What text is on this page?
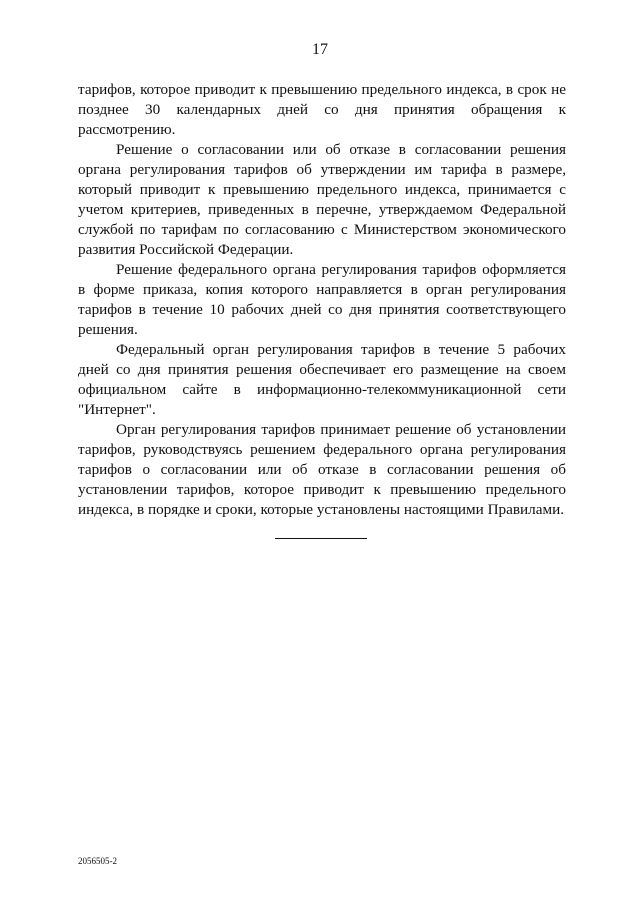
17

тарифов, которое приводит к превышению предельного индекса, в срок не позднее 30 календарных дней со дня принятия обращения к рассмотрению.

Решение о согласовании или об отказе в согласовании решения органа регулирования тарифов об утверждении им тарифа в размере, который приводит к превышению предельного индекса, принимается с учетом критериев, приведенных в перечне, утверждаемом Федеральной службой по тарифам по согласованию с Министерством экономического развития Российской Федерации.

Решение федерального органа регулирования тарифов оформляется в форме приказа, копия которого направляется в орган регулирования тарифов в течение 10 рабочих дней со дня принятия соответствующего решения.

Федеральный орган регулирования тарифов в течение 5 рабочих дней со дня принятия решения обеспечивает его размещение на своем официальном сайте в информационно-телекоммуникационной сети "Интернет".

Орган регулирования тарифов принимает решение об установлении тарифов, руководствуясь решением федерального органа регулирования тарифов о согласовании или об отказе в согласовании решения об установлении тарифов, которое приводит к превышению предельного индекса, в порядке и сроки, которые установлены настоящими Правилами.

2056505-2
